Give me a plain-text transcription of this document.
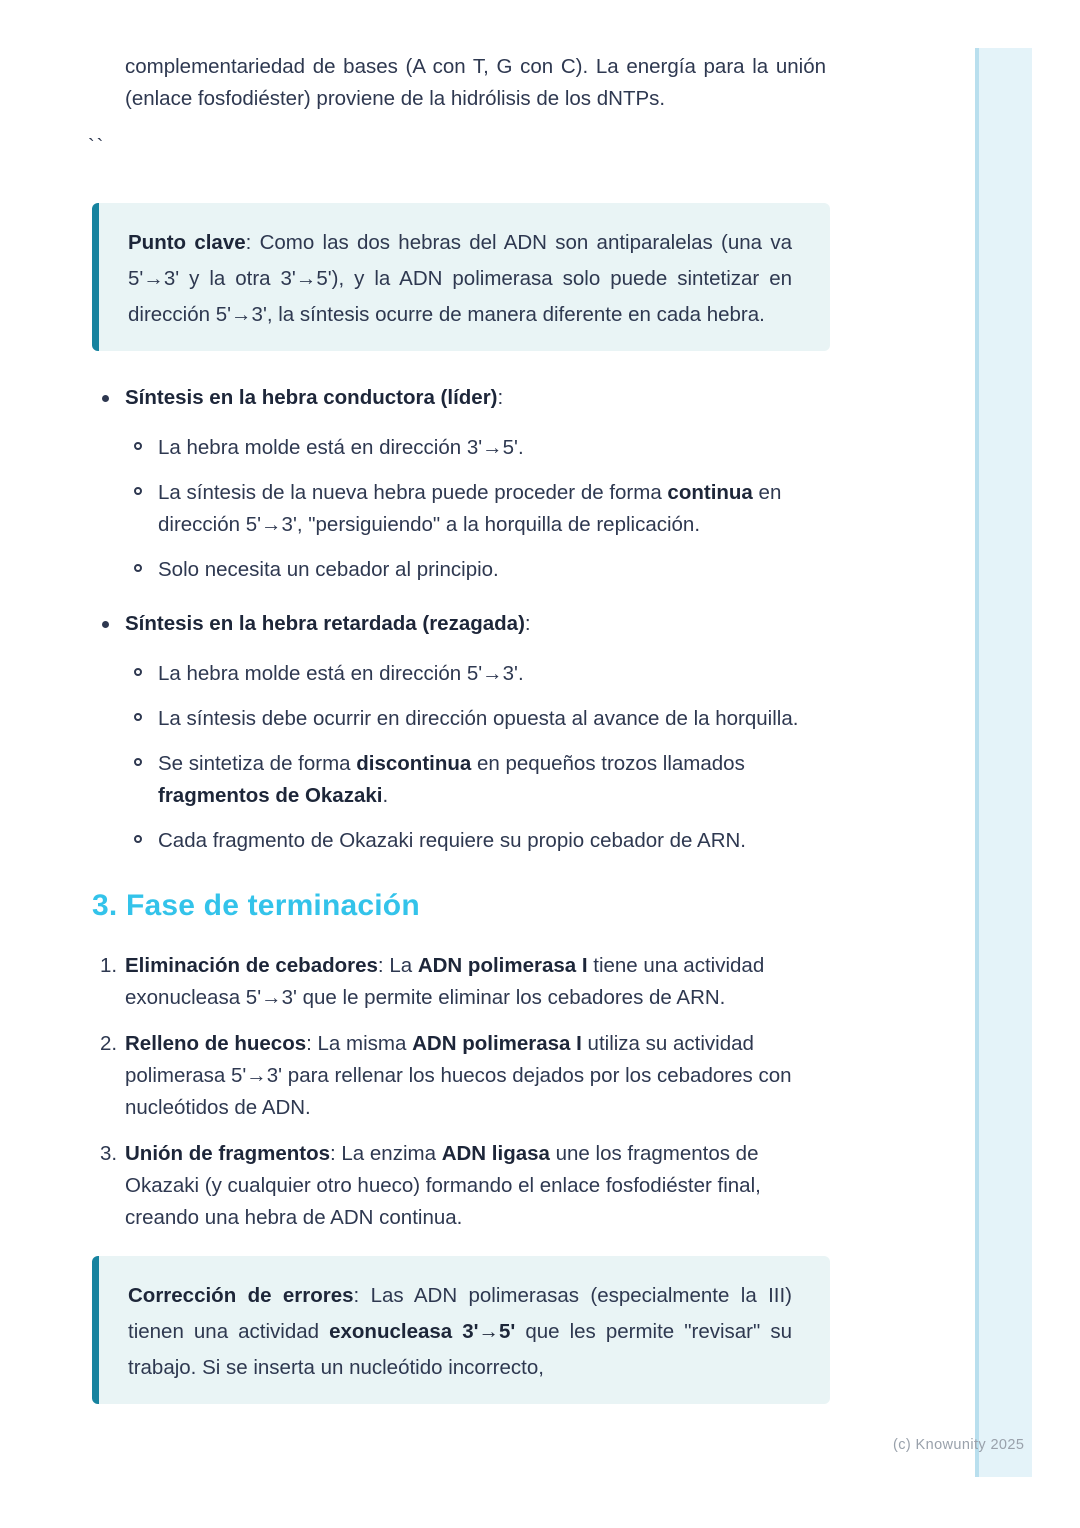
complementariedad de bases (A con T, G con C). La energía para la unión (enlace fosfodiéster) proviene de la hidrólisis de los dNTPs.

``

Punto clave: Como las dos hebras del ADN son antiparalelas (una va 5'→3' y la otra 3'→5'), y la ADN polimerasa solo puede sintetizar en dirección 5'→3', la síntesis ocurre de manera diferente en cada hebra.

Síntesis en la hebra conductora (líder):

La hebra molde está en dirección 3'→5'.

La síntesis de la nueva hebra puede proceder de forma continua en dirección 5'→3', "persiguiendo" a la horquilla de replicación.

Solo necesita un cebador al principio.

Síntesis en la hebra retardada (rezagada):

La hebra molde está en dirección 5'→3'.

La síntesis debe ocurrir en dirección opuesta al avance de la horquilla.

Se sintetiza de forma discontinua en pequeños trozos llamados fragmentos de Okazaki.

Cada fragmento de Okazaki requiere su propio cebador de ARN.

3. Fase de terminación
1. Eliminación de cebadores: La ADN polimerasa I tiene una actividad exonucleasa 5'→3' que le permite eliminar los cebadores de ARN.

2. Relleno de huecos: La misma ADN polimerasa I utiliza su actividad polimerasa 5'→3' para rellenar los huecos dejados por los cebadores con nucleótidos de ADN.

3. Unión de fragmentos: La enzima ADN ligasa une los fragmentos de Okazaki (y cualquier otro hueco) formando el enlace fosfodiéster final, creando una hebra de ADN continua.

Corrección de errores: Las ADN polimerasas (especialmente la III) tienen una actividad exonucleasa 3'→5' que les permite "revisar" su trabajo. Si se inserta un nucleótido incorrecto,

(c) Knowunity 2025
